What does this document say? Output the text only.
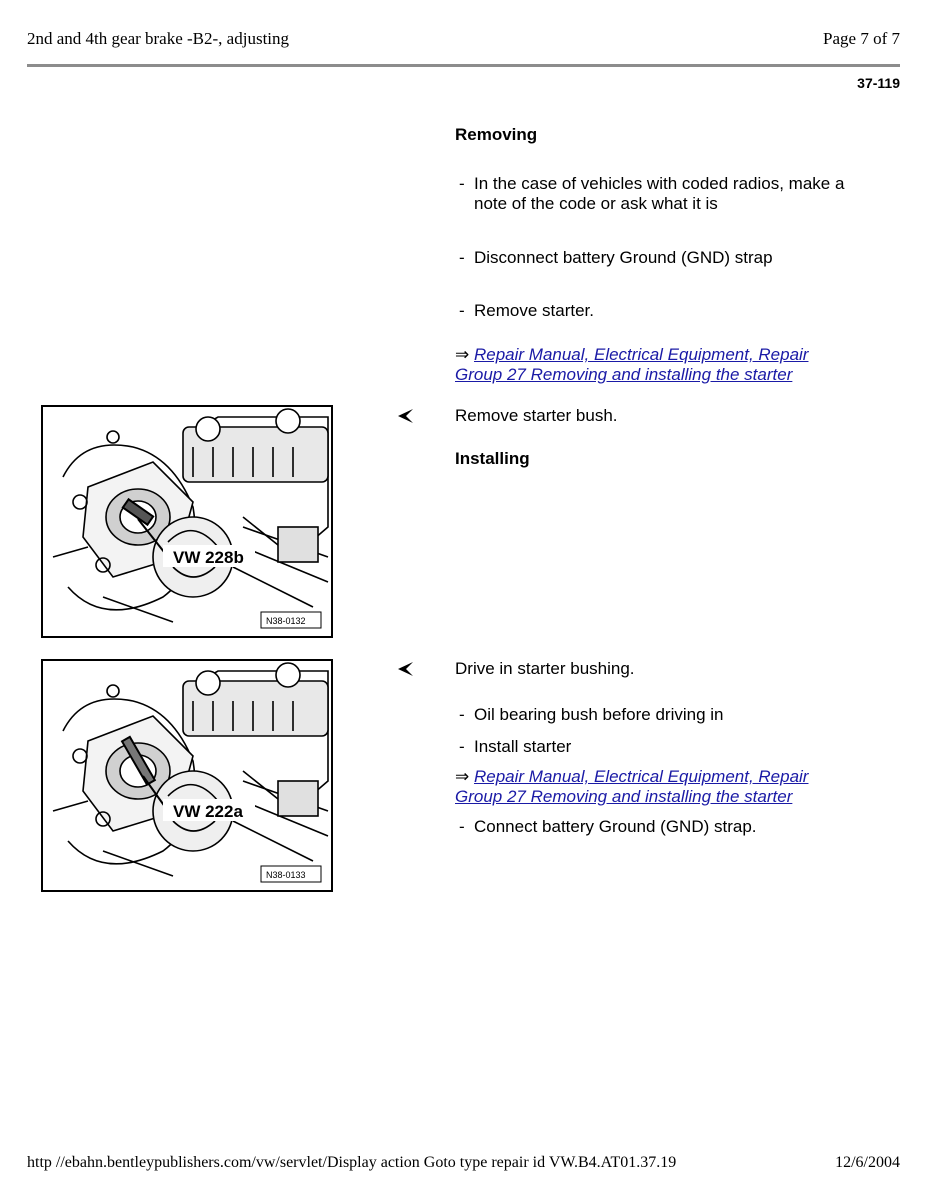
2nd and 4th gear brake -B2-, adjusting	Page 7 of 7
37-119
Removing
- In the case of vehicles with coded radios, make a note of the code or ask what it is
- Disconnect battery Ground (GND) strap
- Remove starter.
⇒ Repair Manual, Electrical Equipment, Repair
Group 27 Removing and installing the starter
Remove starter bush.
Installing
VW 228b
N38-0132
Drive in starter bushing.
- Oil bearing bush before driving in
- Install starter
⇒ Repair Manual, Electrical Equipment, Repair
Group 27 Removing and installing the starter
- Connect battery Ground (GND) strap.
VW 222a
N38-0133
http //ebahn.bentleypublishers.com/vw/servlet/Display action Goto type repair id VW.B4.AT01.37.19	12/6/2004
